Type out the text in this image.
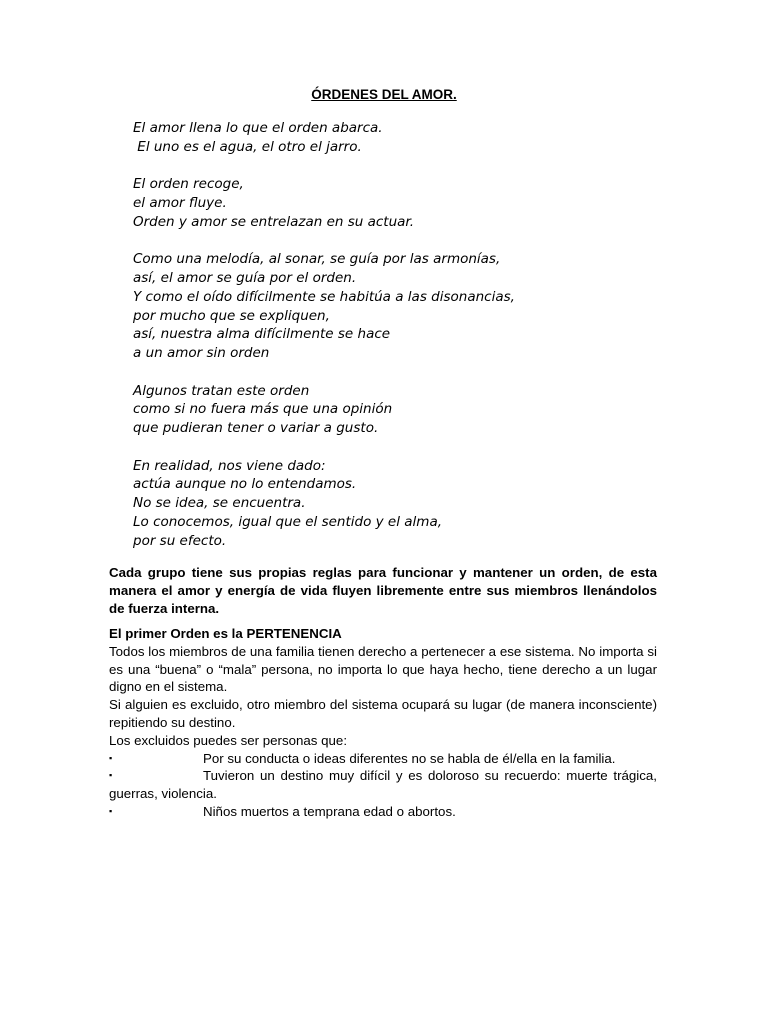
ÓRDENES DEL AMOR.
El amor llena lo que el orden abarca.
El uno es el agua, el otro el jarro.
El orden recoge,
el amor fluye.
Orden y amor se entrelazan en su actuar.
Como una melodía, al sonar, se guía por las armonías,
así, el amor se guía por el orden.
Y como el oído difícilmente se habitúa a las disonancias,
por mucho que se expliquen,
así, nuestra alma difícilmente se hace
a un amor sin orden
Algunos tratan este orden
como si no fuera más que una opinión
que pudieran tener o variar a gusto.
En realidad, nos viene dado:
actúa aunque no lo entendamos.
No se idea, se encuentra.
Lo conocemos, igual que el sentido y el alma,
por su efecto.
Cada grupo tiene sus propias reglas para funcionar y mantener un orden, de esta manera el amor y energía de vida fluyen libremente entre sus miembros llenándolos de fuerza interna.
El primer Orden es la PERTENENCIA
Todos los miembros de una familia tienen derecho a pertenecer a ese sistema. No importa si es una “buena” o “mala” persona, no importa lo que haya hecho, tiene derecho a un lugar digno en el sistema.
Si alguien es excluido, otro miembro del sistema ocupará su lugar (de manera inconsciente) repitiendo su destino.
Los excluidos puedes ser personas que:
▪	Por su conducta o ideas diferentes no se habla de él/ella en la familia.
▪	Tuvieron un destino muy difícil y es doloroso su recuerdo: muerte trágica, guerras, violencia.
▪	Niños muertos a temprana edad o abortos.
